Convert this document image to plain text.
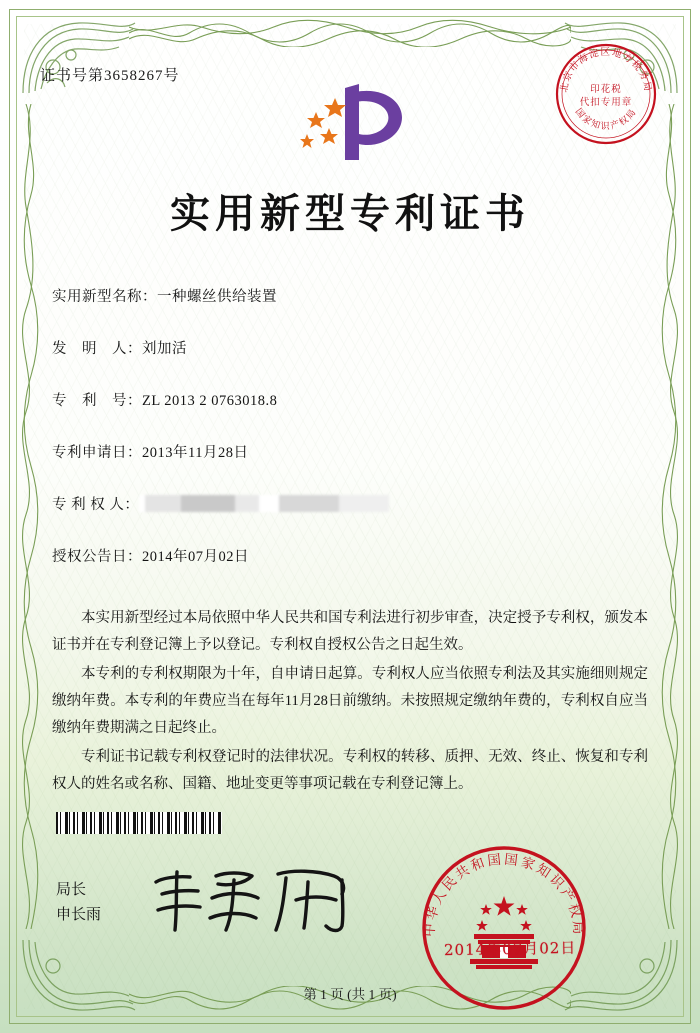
证书号第3658267号
北京市海淀区地方税务局
国家知识产权局
印花税
代扣专用章
实用新型专利证书
实用新型名称：一种螺丝供给装置
发　明　人：刘加活
专　利　号：ZL 2013 2 0763018.8
专利申请日：2013年11月28日
专 利 权 人：
授权公告日：2014年07月02日

本实用新型经过本局依照中华人民共和国专利法进行初步审查，决定授予专利权，颁发本证书并在专利登记簿上予以登记。专利权自授权公告之日起生效。

本专利的专利权期限为十年，自申请日起算。专利权人应当依照专利法及其实施细则规定缴纳年费。本专利的年费应当在每年11月28日前缴纳。未按照规定缴纳年费的，专利权自应当缴纳年费期满之日起终止。

专利证书记载专利权登记时的法律状况。专利权的转移、质押、无效、终止、恢复和专利权人的姓名或名称、国籍、地址变更等事项记载在专利登记簿上。

局长
申长雨
中华人民共和国国家知识产权局
2014年07月02日
第 1 页 (共 1 页)
